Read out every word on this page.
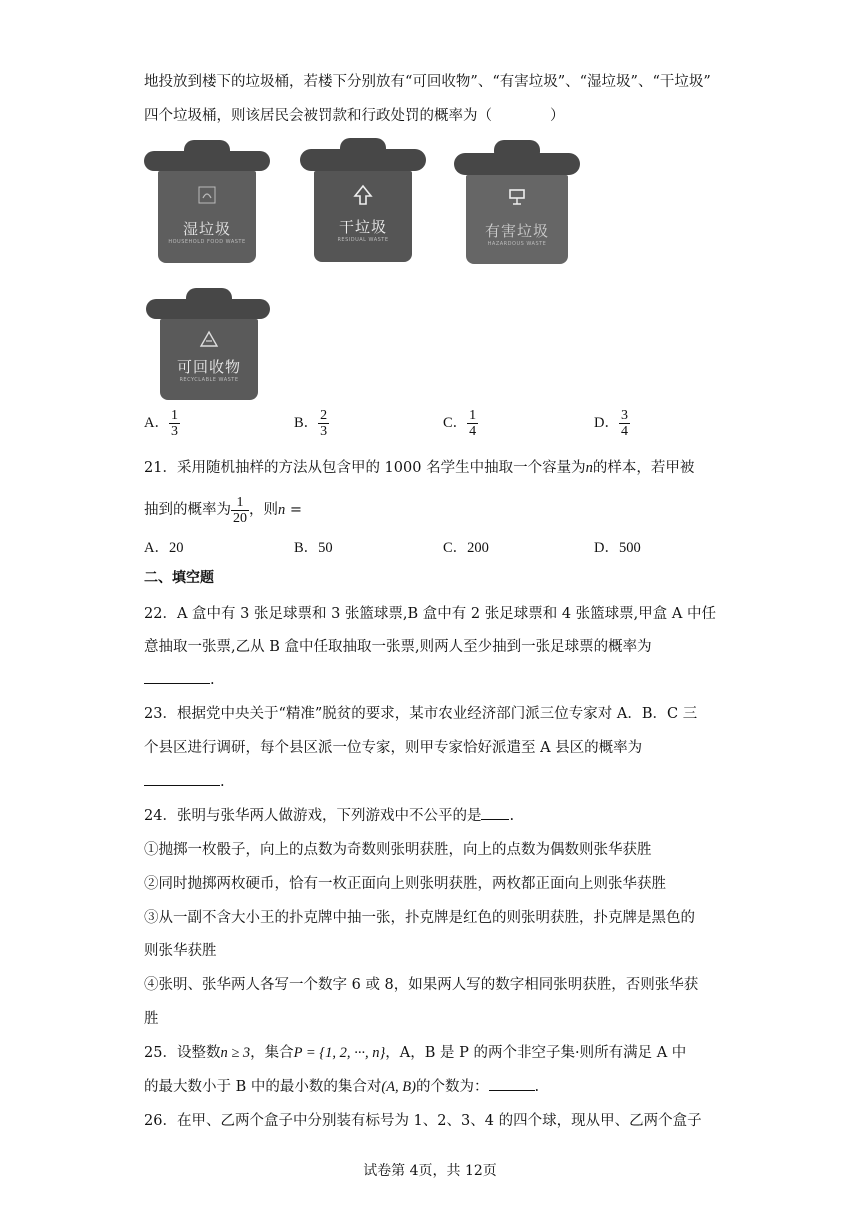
地投放到楼下的垃圾桶，若楼下分别放有“可回收物”、“有害垃圾”、“湿垃圾”、“干垃圾”
四个垃圾桶，则该居民会被罚款和行政处罚的概率为（　　　　）
湿垃圾
HOUSEHOLD FOOD WASTE
干垃圾
RESIDUAL WASTE	有害垃圾
HAZARDOUS WASTE
可回收物
RECYCLABLE WASTE
A． $\frac{1}{3}$	B． $\frac{2}{3}$	C． $\frac{1}{4}$	D． $\frac{3}{4}$
21．采用随机抽样的方法从包含甲的 1000 名学生中抽取一个容量为n的样本，若甲被
抽到的概率为 $\frac{1}{20}$ ，则n =
A．20	B．50	C．200	D．500
二、填空题
22．A 盒中有 3 张足球票和 3 张篮球票,B 盒中有 2 张足球票和 4 张篮球票,甲盒 A 中任
意抽取一张票,乙从 B 盒中任取抽取一张票,则两人至少抽到一张足球票的概率为
.
23．根据党中央关于“精准”脱贫的要求，某市农业经济部门派三位专家对 A．B．C 三
个县区进行调研，每个县区派一位专家，则甲专家恰好派遣至 A 县区的概率为
.
24．张明与张华两人做游戏，下列游戏中不公平的是 .
①抛掷一枚骰子，向上的点数为奇数则张明获胜，向上的点数为偶数则张华获胜
②同时抛掷两枚硬币，恰有一枚正面向上则张明获胜，两枚都正面向上则张华获胜
③从一副不含大小王的扑克牌中抽一张，扑克牌是红色的则张明获胜，扑克牌是黑色的
则张华获胜
④张明、张华两人各写一个数字 6 或 8，如果两人写的数字相同张明获胜，否则张华获
胜
25．设整数n ≥ 3，集合P = {1, 2, ···, n}，A，B 是 P 的两个非空子集·则所有满足 A 中
的最大数小于 B 中的最小数的集合对(A, B)的个数为：	.
26．在甲、乙两个盒子中分别装有标号为 1、2、3、4 的四个球，现从甲、乙两个盒子
试卷第 4页，共 12页
